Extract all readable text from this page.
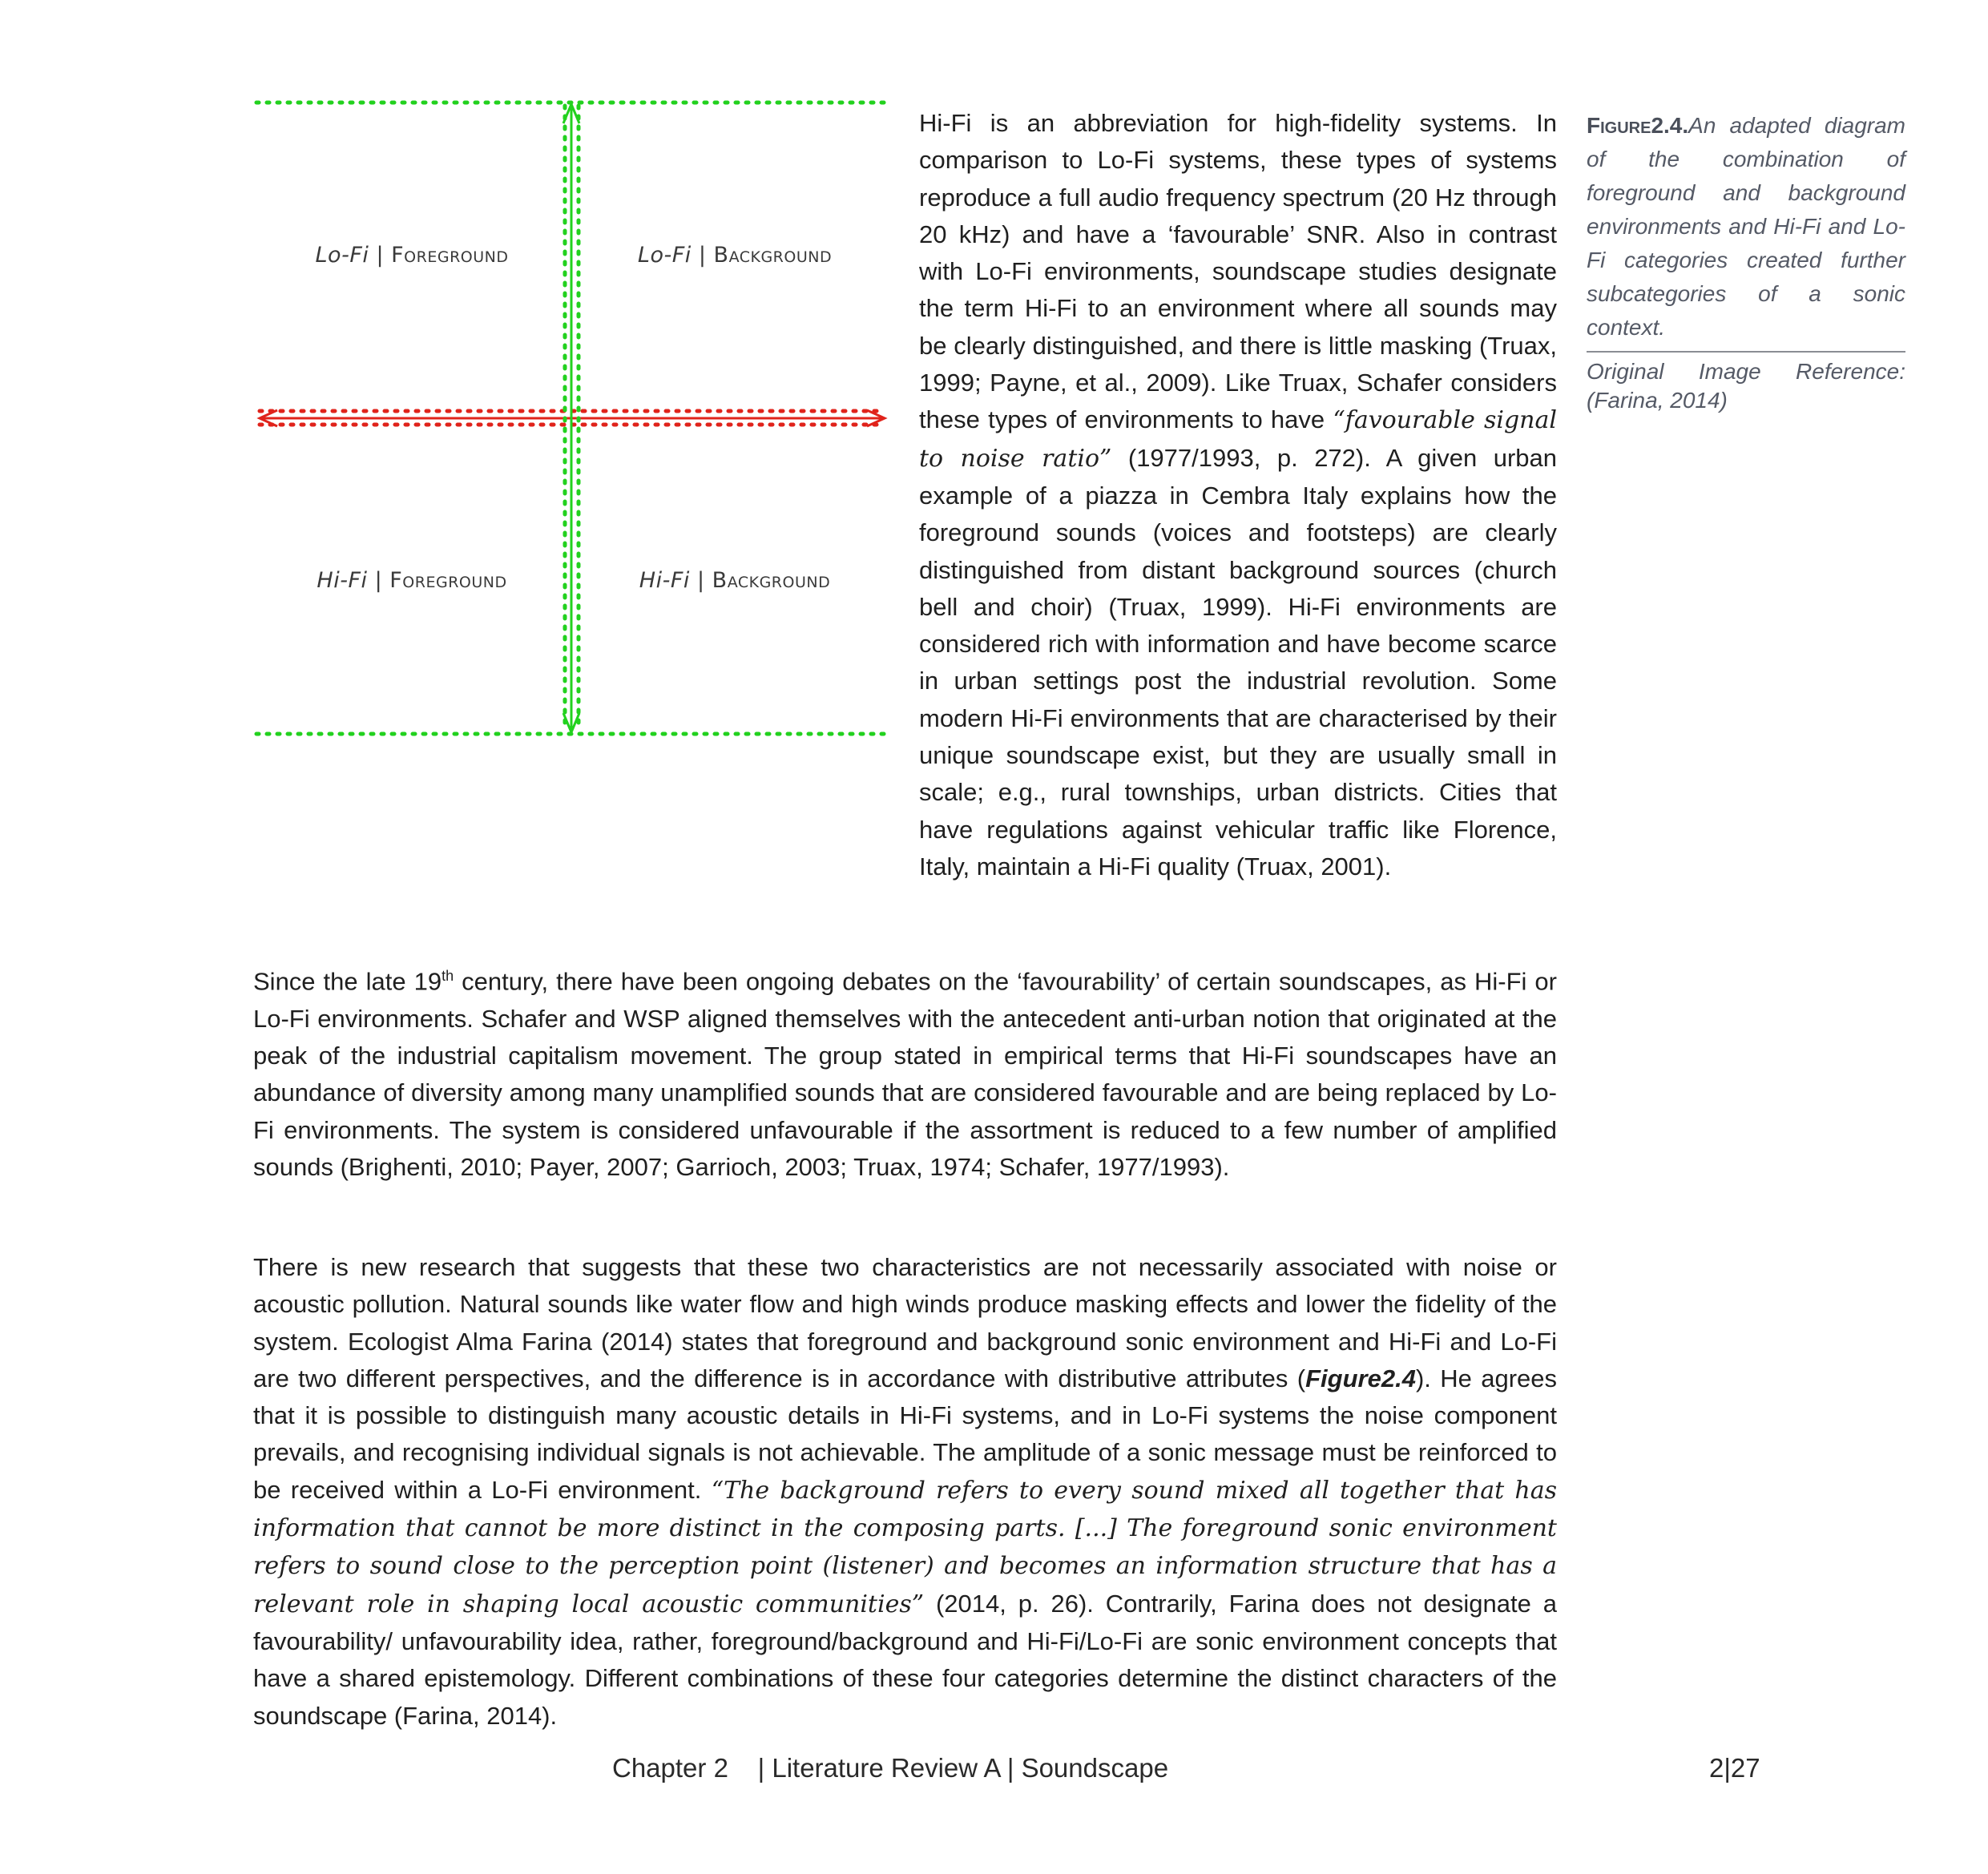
Lo-Fi | Foreground	Lo-Fi | Background
Hi-Fi | Foreground	Hi-Fi | Background

Hi-Fi is an abbreviation for high-fidelity systems. In comparison to Lo-Fi systems, these types of systems reproduce a full audio frequency spectrum (20 Hz through 20 kHz) and have a ‘favourable’ SNR. Also in contrast with Lo-Fi environments, soundscape studies designate the term Hi-Fi to an environment where all sounds may be clearly distinguished, and there is little masking (Truax, 1999; Payne, et al., 2009). Like Truax, Schafer considers these types of environments to have “favourable signal to noise ratio” (1977/1993, p. 272). A given urban example of a piazza in Cembra Italy explains how the foreground sounds (voices and footsteps) are clearly distinguished from distant background sources (church bell and choir) (Truax, 1999). Hi-Fi environments are considered rich with information and have become scarce in urban settings post the industrial revolution. Some modern Hi-Fi environments that are characterised by their unique soundscape exist, but they are usually small in scale; e.g., rural townships, urban districts. Cities that have regulations against vehicular traffic like Florence, Italy, maintain a Hi-Fi quality (Truax, 2001).

Figure2.4.An adapted diagram of the combination of foreground and background environments and Hi-Fi and Lo-Fi categories created further subcategories of a sonic context.
Original Image Reference: (Farina, 2014)

Since the late 19th century, there have been ongoing debates on the ‘favourability’ of certain soundscapes, as Hi-Fi or Lo-Fi environments. Schafer and WSP aligned themselves with the antecedent anti-urban notion that originated at the peak of the industrial capitalism movement. The group stated in empirical terms that Hi-Fi soundscapes have an abundance of diversity among many unamplified sounds that are considered favourable and are being replaced by Lo-Fi environments. The system is considered unfavourable if the assortment is reduced to a few number of amplified sounds (Brighenti, 2010; Payer, 2007; Garrioch, 2003; Truax, 1974; Schafer, 1977/1993).

There is new research that suggests that these two characteristics are not necessarily associated with noise or acoustic pollution. Natural sounds like water flow and high winds produce masking effects and lower the fidelity of the system. Ecologist Alma Farina (2014) states that foreground and background sonic environment and Hi-Fi and Lo-Fi are two different perspectives, and the difference is in accordance with distributive attributes (Figure2.4). He agrees that it is possible to distinguish many acoustic details in Hi-Fi systems, and in Lo-Fi systems the noise component prevails, and recognising individual signals is not achievable. The amplitude of a sonic message must be reinforced to be received within a Lo-Fi environment. “The background refers to every sound mixed all together that has information that cannot be more distinct in the composing parts. [...] The foreground sonic environment refers to sound close to the perception point (listener) and becomes an information structure that has a relevant role in shaping local acoustic communities” (2014, p. 26). Contrarily, Farina does not designate a favourability/ unfavourability idea, rather, foreground/background and Hi-Fi/Lo-Fi are sonic environment concepts that have a shared epistemology. Different combinations of these four categories determine the distinct characters of the soundscape (Farina, 2014).

Chapter 2    | Literature Review A | Soundscape	2|27
